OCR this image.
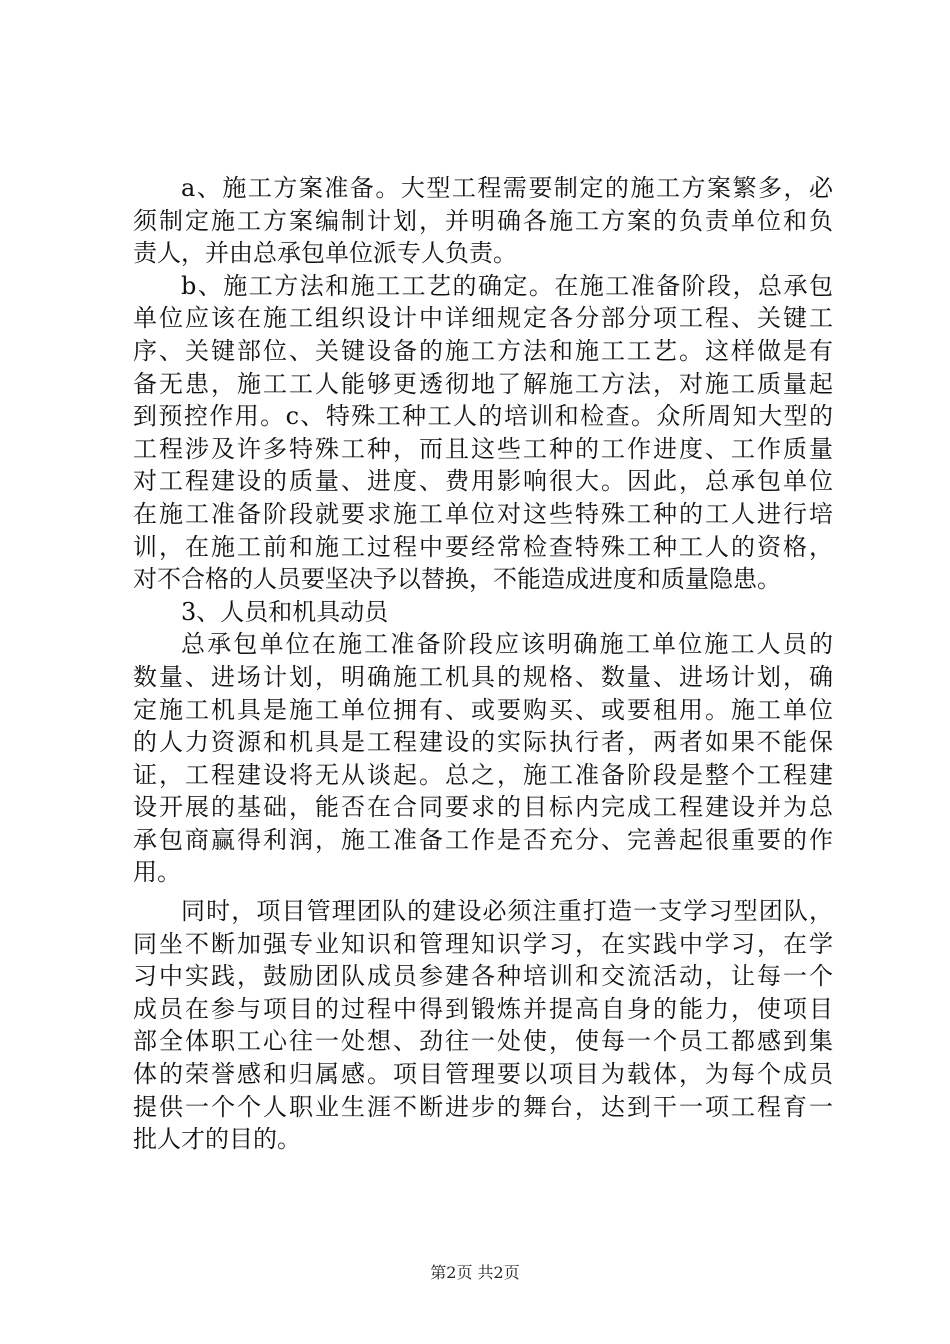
a、施工方案准备。大型工程需要制定的施工方案繁多，必
须制定施工方案编制计划，并明确各施工方案的负责单位和负
责人，并由总承包单位派专人负责。
b、施工方法和施工工艺的确定。在施工准备阶段，总承包
单位应该在施工组织设计中详细规定各分部分项工程、关键工
序、关键部位、关键设备的施工方法和施工工艺。这样做是有
备无患，施工工人能够更透彻地了解施工方法，对施工质量起
到预控作用。c、特殊工种工人的培训和检查。众所周知大型的
工程涉及许多特殊工种，而且这些工种的工作进度、工作质量
对工程建设的质量、进度、费用影响很大。因此，总承包单位
在施工准备阶段就要求施工单位对这些特殊工种的工人进行培
训，在施工前和施工过程中要经常检查特殊工种工人的资格，
对不合格的人员要坚决予以替换，不能造成进度和质量隐患。
3、人员和机具动员
总承包单位在施工准备阶段应该明确施工单位施工人员的
数量、进场计划，明确施工机具的规格、数量、进场计划，确
定施工机具是施工单位拥有、或要购买、或要租用。施工单位
的人力资源和机具是工程建设的实际执行者，两者如果不能保
证，工程建设将无从谈起。总之，施工准备阶段是整个工程建
设开展的基础，能否在合同要求的目标内完成工程建设并为总
承包商赢得利润，施工准备工作是否充分、完善起很重要的作
用。
同时，项目管理团队的建设必须注重打造一支学习型团队，
同坐不断加强专业知识和管理知识学习，在实践中学习，在学
习中实践，鼓励团队成员参建各种培训和交流活动，让每一个
成员在参与项目的过程中得到锻炼并提高自身的能力，使项目
部全体职工心往一处想、劲往一处使，使每一个员工都感到集
体的荣誉感和归属感。项目管理要以项目为载体，为每个成员
提供一个个人职业生涯不断进步的舞台，达到干一项工程育一
批人才的目的。
第2页 共2页
